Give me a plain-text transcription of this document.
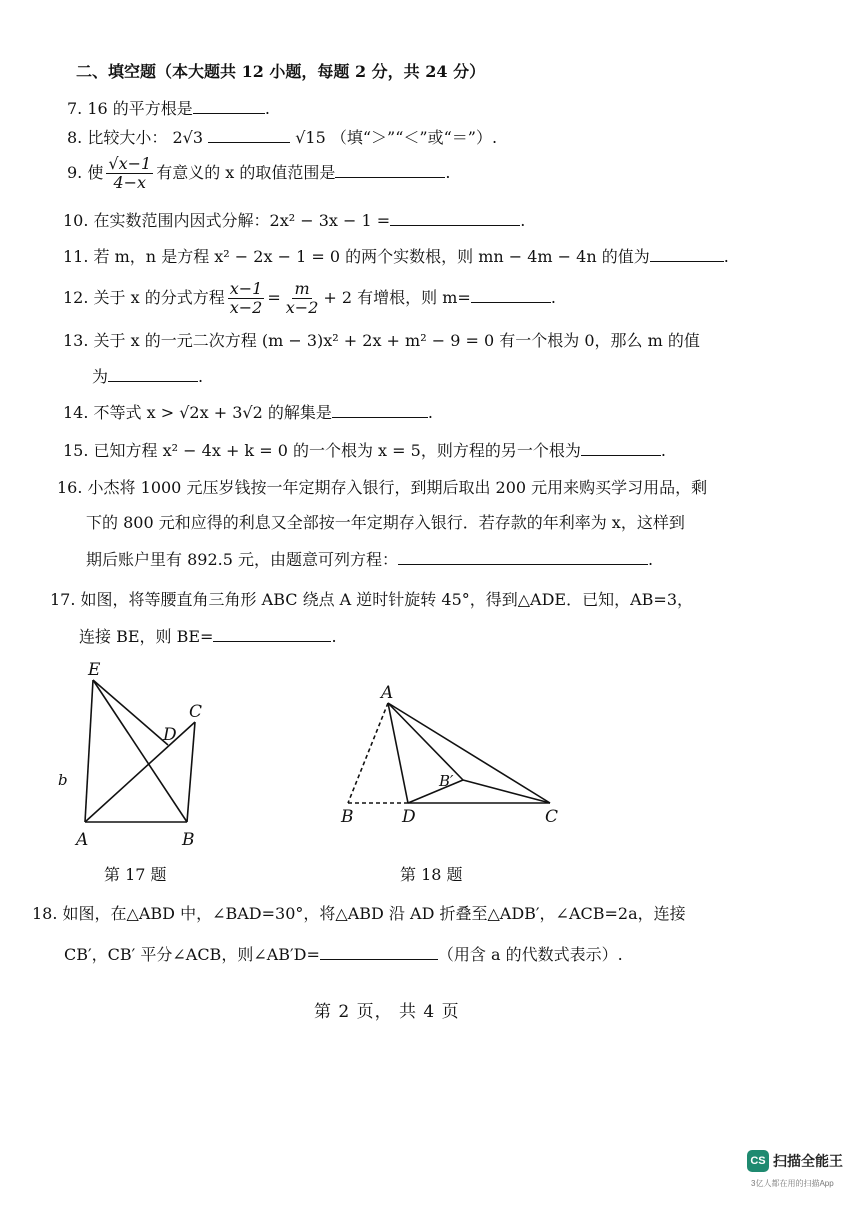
二、填空题（本大题共 12 小题，每题 2 分，共 24 分）
7. 16 的平方根是	.
8. 比较大小： 2√3	√15 （填“＞”“＜”或“＝”）.
9. 使 $\frac{√x-1}{4-x}$ 有意义的 x 的取值范围是	.
10. 在实数范围内因式分解：2x² − 3x − 1 =	.
11. 若 m，n 是方程 x² − 2x − 1 = 0 的两个实数根，则 mn − 4m − 4n 的值为	.
12. 关于 x 的分式方程 $\frac{x-1}{x-2} = \frac{m}{x-2} + 2$ 有增根，则 m=	.
13. 关于 x 的一元二次方程 (m − 3)x² + 2x + m² − 9 = 0 有一个根为 0，那么 m 的值
为	.
14. 不等式 x > √2x + 3√2 的解集是	.
15. 已知方程 x² − 4x + k = 0 的一个根为 x = 5，则方程的另一个根为	.
16. 小杰将 1000 元压岁钱按一年定期存入银行，到期后取出 200 元用来购买学习用品，剩
下的 800 元和应得的利息又全部按一年定期存入银行．若存款的年利率为 x，这样到
期后账户里有 892.5 元，由题意可列方程：	.
17. 如图，将等腰直角三角形 ABC 绕点 A 逆时针旋转 45°，得到△ADE．已知，AB=3，
连接 BE，则 BE=	.
E
C
D
A	B
b
A
B′
B	D	C
第 17 题	第 18 题
18. 如图，在△ABD 中，∠BAD=30°，将△ABD 沿 AD 折叠至△ADB′，∠ACB=2a，连接
CB′，CB′ 平分∠ACB，则∠AB′D=	（用含 a 的代数式表示）.
第 2 页， 共 4 页
CS 扫描全能王
3亿人都在用的扫描App
